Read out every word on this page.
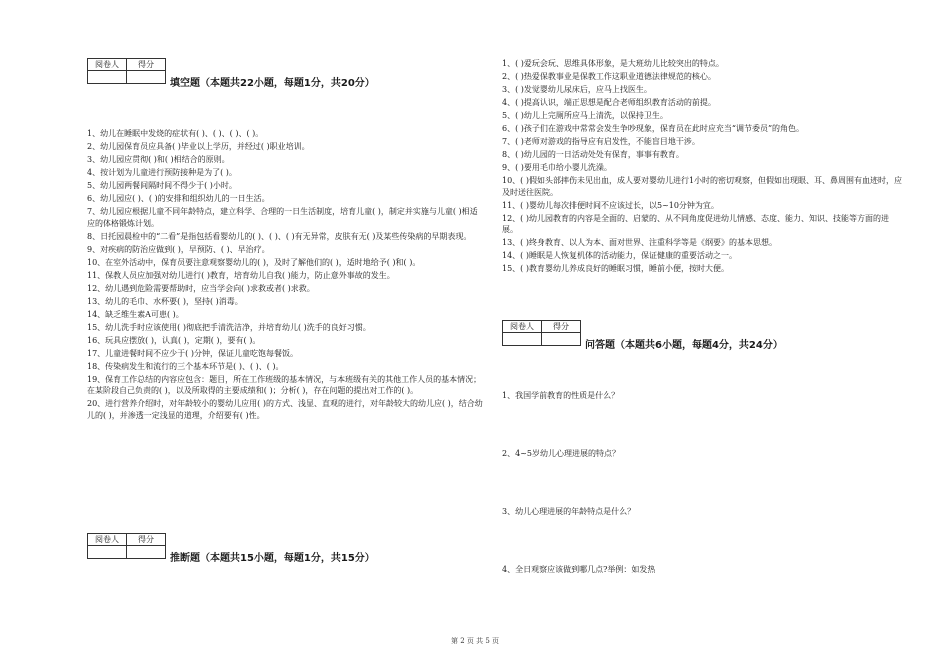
阅卷人	得分

填空题（本题共22小题，每题1分，共20分）

1、幼儿在睡眠中发烧的症状有( )、( )、( )、( )。

2、幼儿园保育员应具备( )毕业以上学历，并经过( )职业培训。

3、幼儿园应贯彻( )和( )相结合的原则。

4、按计划为儿童进行预防接种是为了( )。

5、幼儿园两餐间隔时间不得少于( )小时。

6、幼儿园应( )、( )的安排和组织幼儿的一日生活。

7、幼儿园应根据儿童不同年龄特点，建立科学、合理的一日生活制度，培育儿童( )，制定并实施与儿童( )相适应的体格锻炼计划。

8、日托园晨检中的“二看”是指包括看婴幼儿的( )、( )、( )有无异常，皮肤有无( )及某些传染病的早期表现。

9、对疾病的防治应做到( )，早预防、( )、早治疗。

10、在室外活动中，保育员要注意观察婴幼儿的( )，及时了解他们的( )，适时地给予( )和( )。

11、保教人员应加强对幼儿进行( )教育，培育幼儿自我( )能力，防止意外事故的发生。

12、幼儿遇到危险需要帮助时，应当学会向( )求救或者( )求救。

13、幼儿的毛巾、水杯要( )，坚持( )消毒。

14、缺乏维生素A可患( )。

15、幼儿洗手时应该使用( )彻底把手清洗洁净，并培育幼儿( )洗手的良好习惯。

16、玩具应摆放( )，认真( )，定期( )，要有( )。

17、儿童进餐时间不应少于( )分钟，保证儿童吃饱每餐饭。

18、传染病发生和流行的三个基本环节是( )、( )、( )。

19、保育工作总结的内容应包含：题目，所在工作班级的基本情况，与本班级有关的其他工作人员的基本情况；在某阶段自己负责的( )，以及所取得的主要成绩和( )；分析( )，存在问题的提出对工作的( )。

20、进行营养介绍时，对年龄较小的婴幼儿应用( )的方式、浅显、直观的进行，对年龄较大的幼儿应( )，结合幼儿的( )，并渗透一定浅显的道理，介绍要有( )性。

阅卷人	得分

推断题（本题共15小题，每题1分，共15分）

1、( )爱玩会玩、思维具体形象，是大班幼儿比较突出的特点。

2、( )热爱保教事业是保教工作这职业道德法律规范的核心。

3、( )发觉婴幼儿尿床后，应马上找医生。

4、( )提高认识，端正思想是配合老师组织教育活动的前提。

5、( )幼儿上完厕所应马上清洗，以保持卫生。

6、( )孩子们在游戏中常常会发生争吵现象，保育员在此时应充当“调节委员”的角色。

7、( )老师对游戏的指导应有启发性，不能盲目地干涉。

8、( )幼儿园的一日活动处处有保育，事事有教育。

9、( )要用毛巾给小婴儿洗澡。

10、( )假如头部摔伤未见出血，成人要对婴幼儿进行1小时的密切观察，但假如出现眼、耳、鼻周围有血迹时，应及时送往医院。

11、( )婴幼儿每次排便时间不应该过长，以5~10分钟为宜。

12、( )幼儿园教育的内容是全面的、启蒙的、从不同角度促进幼儿情感、态度、能力、知识、技能等方面的进展。

13、( )终身教育、以人为本、面对世界、注重科学等是《纲要》的基本思想。

14、( )睡眠是人恢复机体的活动能力，保证健康的重要活动之一。

15、( )教育婴幼儿养成良好的睡眠习惯，睡前小便，按时大便。

阅卷人	得分

问答题（本题共6小题，每题4分，共24分）
1、我国学前教育的性质是什么？
2、4~5岁幼儿心理进展的特点？
3、幼儿心理进展的年龄特点是什么？
4、全日观察应该做到哪几点?举例：如发热
第 2 页 共 5 页
